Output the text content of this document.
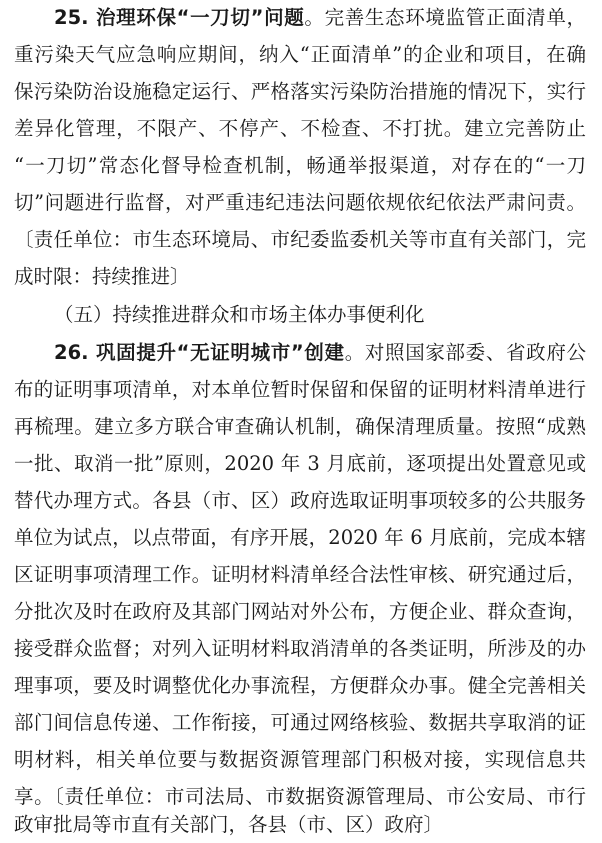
25. 治理环保“一刀切”问题。完善生态环境监管正面清单，
重污染天气应急响应期间，纳入“正面清单”的企业和项目，在确
保污染防治设施稳定运行、严格落实污染防治措施的情况下，实行
差异化管理，不限产、不停产、不检查、不打扰。建立完善防止
“一刀切”常态化督导检查机制，畅通举报渠道，对存在的“一刀
切”问题进行监督，对严重违纪违法问题依规依纪依法严肃问责。
〔责任单位：市生态环境局、市纪委监委机关等市直有关部门，完
成时限：持续推进〕
（五）持续推进群众和市场主体办事便利化
26. 巩固提升“无证明城市”创建。对照国家部委、省政府公
布的证明事项清单，对本单位暂时保留和保留的证明材料清单进行
再梳理。建立多方联合审查确认机制，确保清理质量。按照“成熟
一批、取消一批”原则，2020 年 3 月底前，逐项提出处置意见或
替代办理方式。各县（市、区）政府选取证明事项较多的公共服务
单位为试点，以点带面，有序开展，2020 年 6 月底前，完成本辖
区证明事项清理工作。证明材料清单经合法性审核、研究通过后，
分批次及时在政府及其部门网站对外公布，方便企业、群众查询，
接受群众监督；对列入证明材料取消清单的各类证明，所涉及的办
理事项，要及时调整优化办事流程，方便群众办事。健全完善相关
部门间信息传递、工作衔接，可通过网络核验、数据共享取消的证
明材料，相关单位要与数据资源管理部门积极对接，实现信息共
享。〔责任单位：市司法局、市数据资源管理局、市公安局、市行
政审批局等市直有关部门，各县（市、区）政府〕
